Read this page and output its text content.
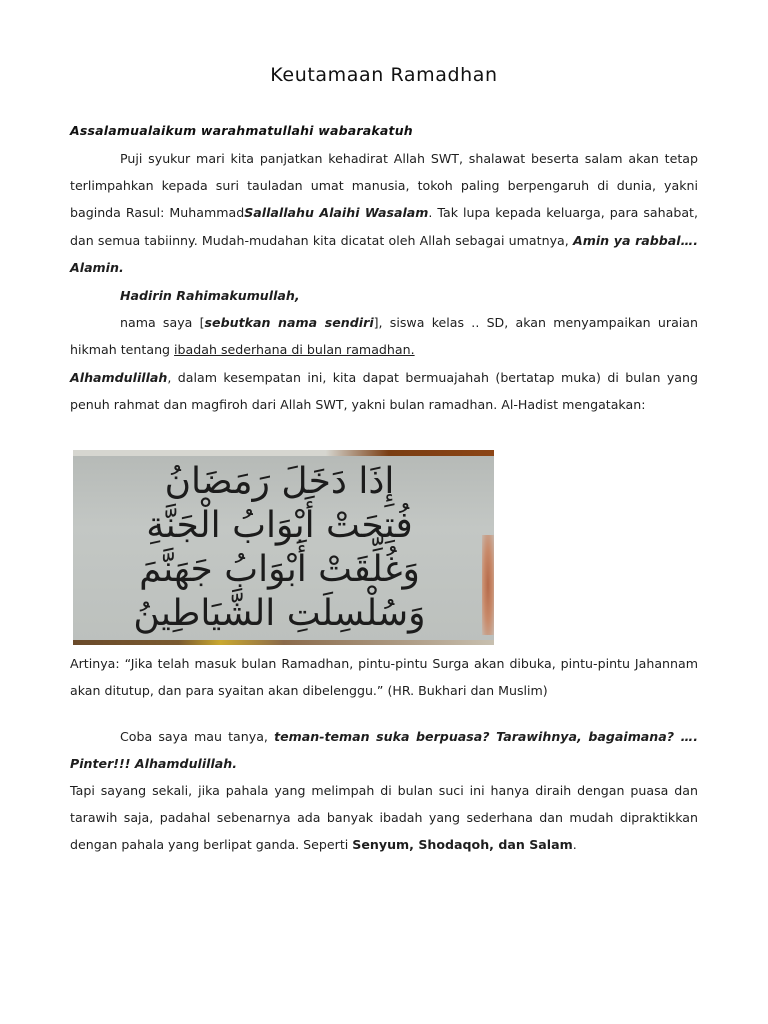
Keutamaan Ramadhan
Assalamualaikum warahmatullahi wabarakatuh

Puji syukur mari kita panjatkan kehadirat Allah SWT, shalawat beserta salam akan tetap terlimpahkan kepada suri tauladan umat manusia, tokoh paling berpengaruh di dunia, yakni baginda Rasul: MuhammadSallallahu Alaihi Wasalam. Tak lupa kepada keluarga, para sahabat, dan semua tabiinny. Mudah-mudahan kita dicatat oleh Allah sebagai umatnya, Amin ya rabbal…. Alamin.

Hadirin Rahimakumullah,

nama saya [sebutkan nama sendiri], siswa kelas .. SD, akan menyampaikan uraian hikmah tentang ibadah sederhana di bulan ramadhan.

Alhamdulillah, dalam kesempatan ini, kita dapat bermuajahah (bertatap muka) di bulan yang penuh rahmat dan magfiroh dari Allah SWT, yakni bulan ramadhan. Al-Hadist mengatakan:

إِذَا دَخَلَ رَمَضَانُ
فُتِحَتْ أَبْوَابُ الْجَنَّةِ
وَغُلِّقَتْ أَبْوَابُ جَهَنَّمَ
وَسُلْسِلَتِ الشَّيَاطِينُ

Artinya: “Jika telah masuk bulan Ramadhan, pintu-pintu Surga akan dibuka, pintu-pintu Jahannam akan ditutup, dan para syaitan akan dibelenggu.” (HR. Bukhari dan Muslim)

Coba saya mau tanya, teman-teman suka berpuasa? Tarawihnya, bagaimana? …. Pinter!!! Alhamdulillah.

Tapi sayang sekali, jika pahala yang melimpah di bulan suci ini hanya diraih dengan puasa dan tarawih saja, padahal sebenarnya ada banyak ibadah yang sederhana dan mudah dipraktikkan dengan pahala yang berlipat ganda. Seperti Senyum, Shodaqoh, dan Salam.
